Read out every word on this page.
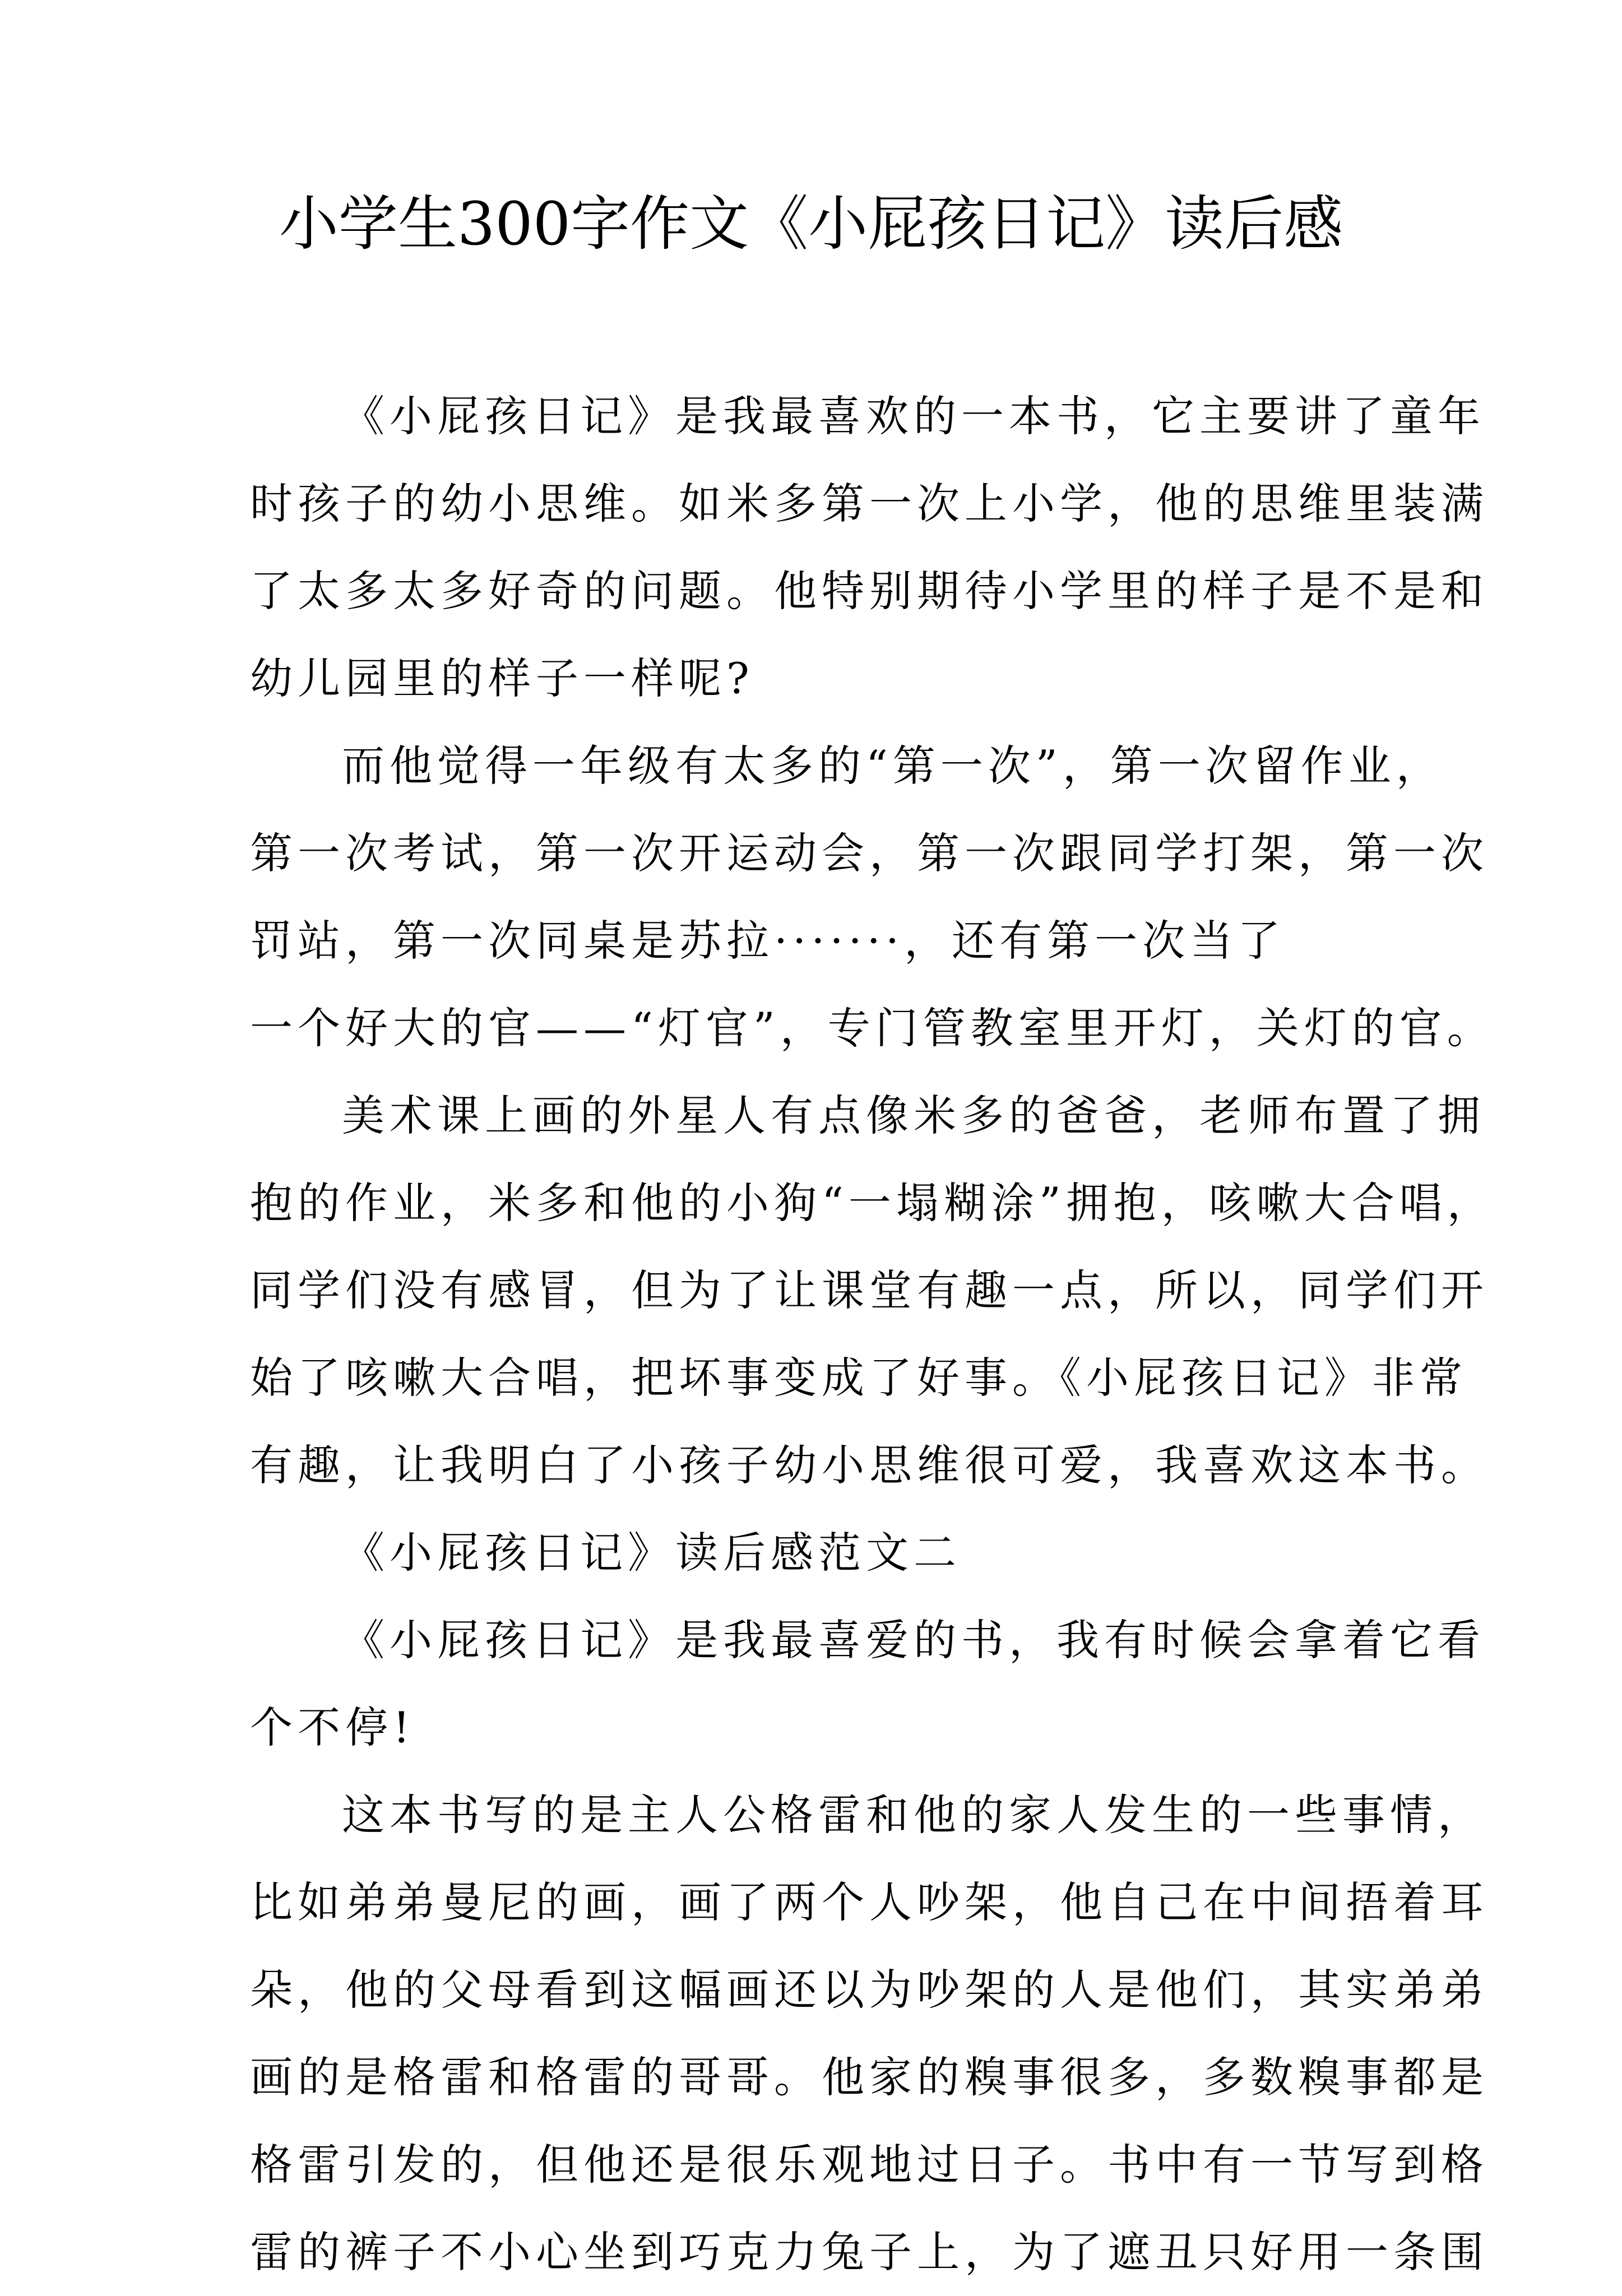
小学生300字作文《小屁孩日记》读后感

《小屁孩日记》是我最喜欢的一本书，它主要讲了童年

时孩子的幼小思维。如米多第一次上小学，他的思维里装满

了太多太多好奇的问题。他特别期待小学里的样子是不是和

幼儿园里的样子一样呢?

而他觉得一年级有太多的“第一次”，第一次留作业，

第一次考试，第一次开运动会，第一次跟同学打架，第一次

罚站，第一次同桌是苏拉·······，还有第一次当了

一个好大的官——“灯官”，专门管教室里开灯，关灯的官。

美术课上画的外星人有点像米多的爸爸，老师布置了拥

抱的作业，米多和他的小狗“一塌糊涂”拥抱，咳嗽大合唱，

同学们没有感冒，但为了让课堂有趣一点，所以，同学们开

始了咳嗽大合唱，把坏事变成了好事。《小屁孩日记》非常

有趣，让我明白了小孩子幼小思维很可爱，我喜欢这本书。

《小屁孩日记》读后感范文二

《小屁孩日记》是我最喜爱的书，我有时候会拿着它看

个不停!

这本书写的是主人公格雷和他的家人发生的一些事情，

比如弟弟曼尼的画，画了两个人吵架，他自己在中间捂着耳

朵，他的父母看到这幅画还以为吵架的人是他们，其实弟弟

画的是格雷和格雷的哥哥。他家的糗事很多，多数糗事都是

格雷引发的，但他还是很乐观地过日子。书中有一节写到格

雷的裤子不小心坐到巧克力兔子上，为了遮丑只好用一条围
